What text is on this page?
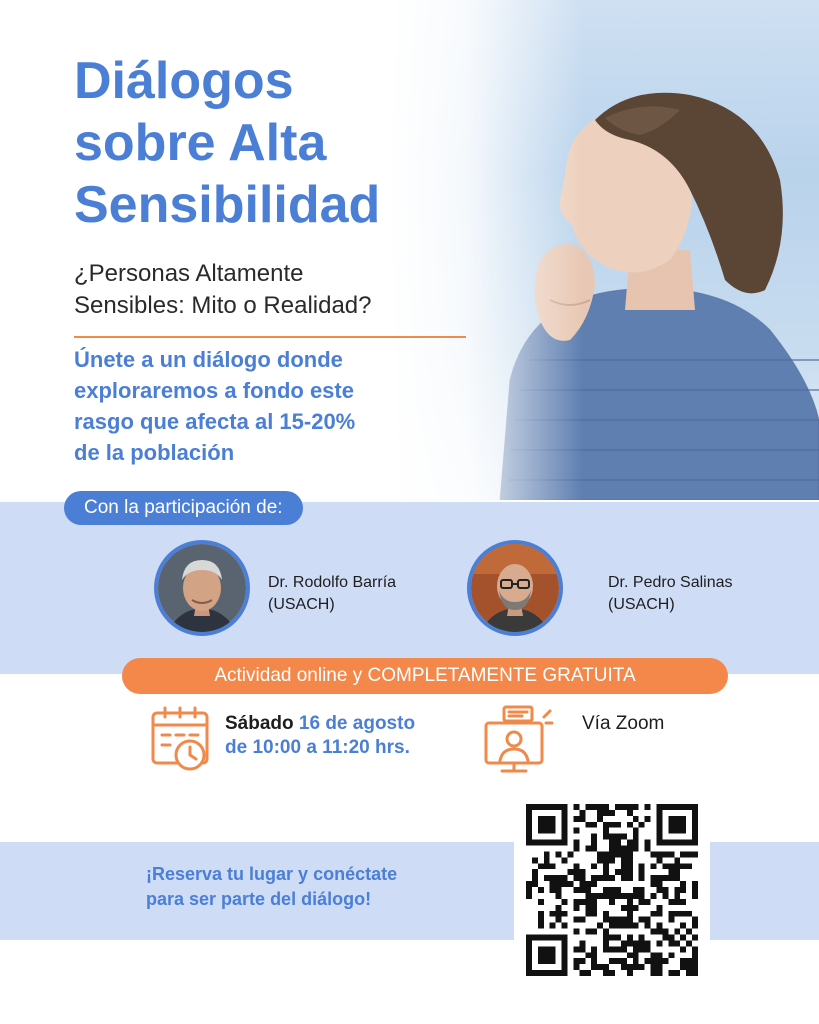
Diálogos
sobre Alta
Sensibilidad
¿Personas Altamente
Sensibles: Mito o Realidad?
Únete a un diálogo donde
exploraremos a fondo este
rasgo que afecta al 15-20%
de la población
Con la participación de:
Dr. Rodolfo Barría
(USACH)
Dr. Pedro Salinas
(USACH)
Actividad online y COMPLETAMENTE GRATUITA
Sábado 16 de agosto
de 10:00 a 11:20 hrs.
Vía Zoom
¡Reserva tu lugar y conéctate
para ser parte del diálogo!
